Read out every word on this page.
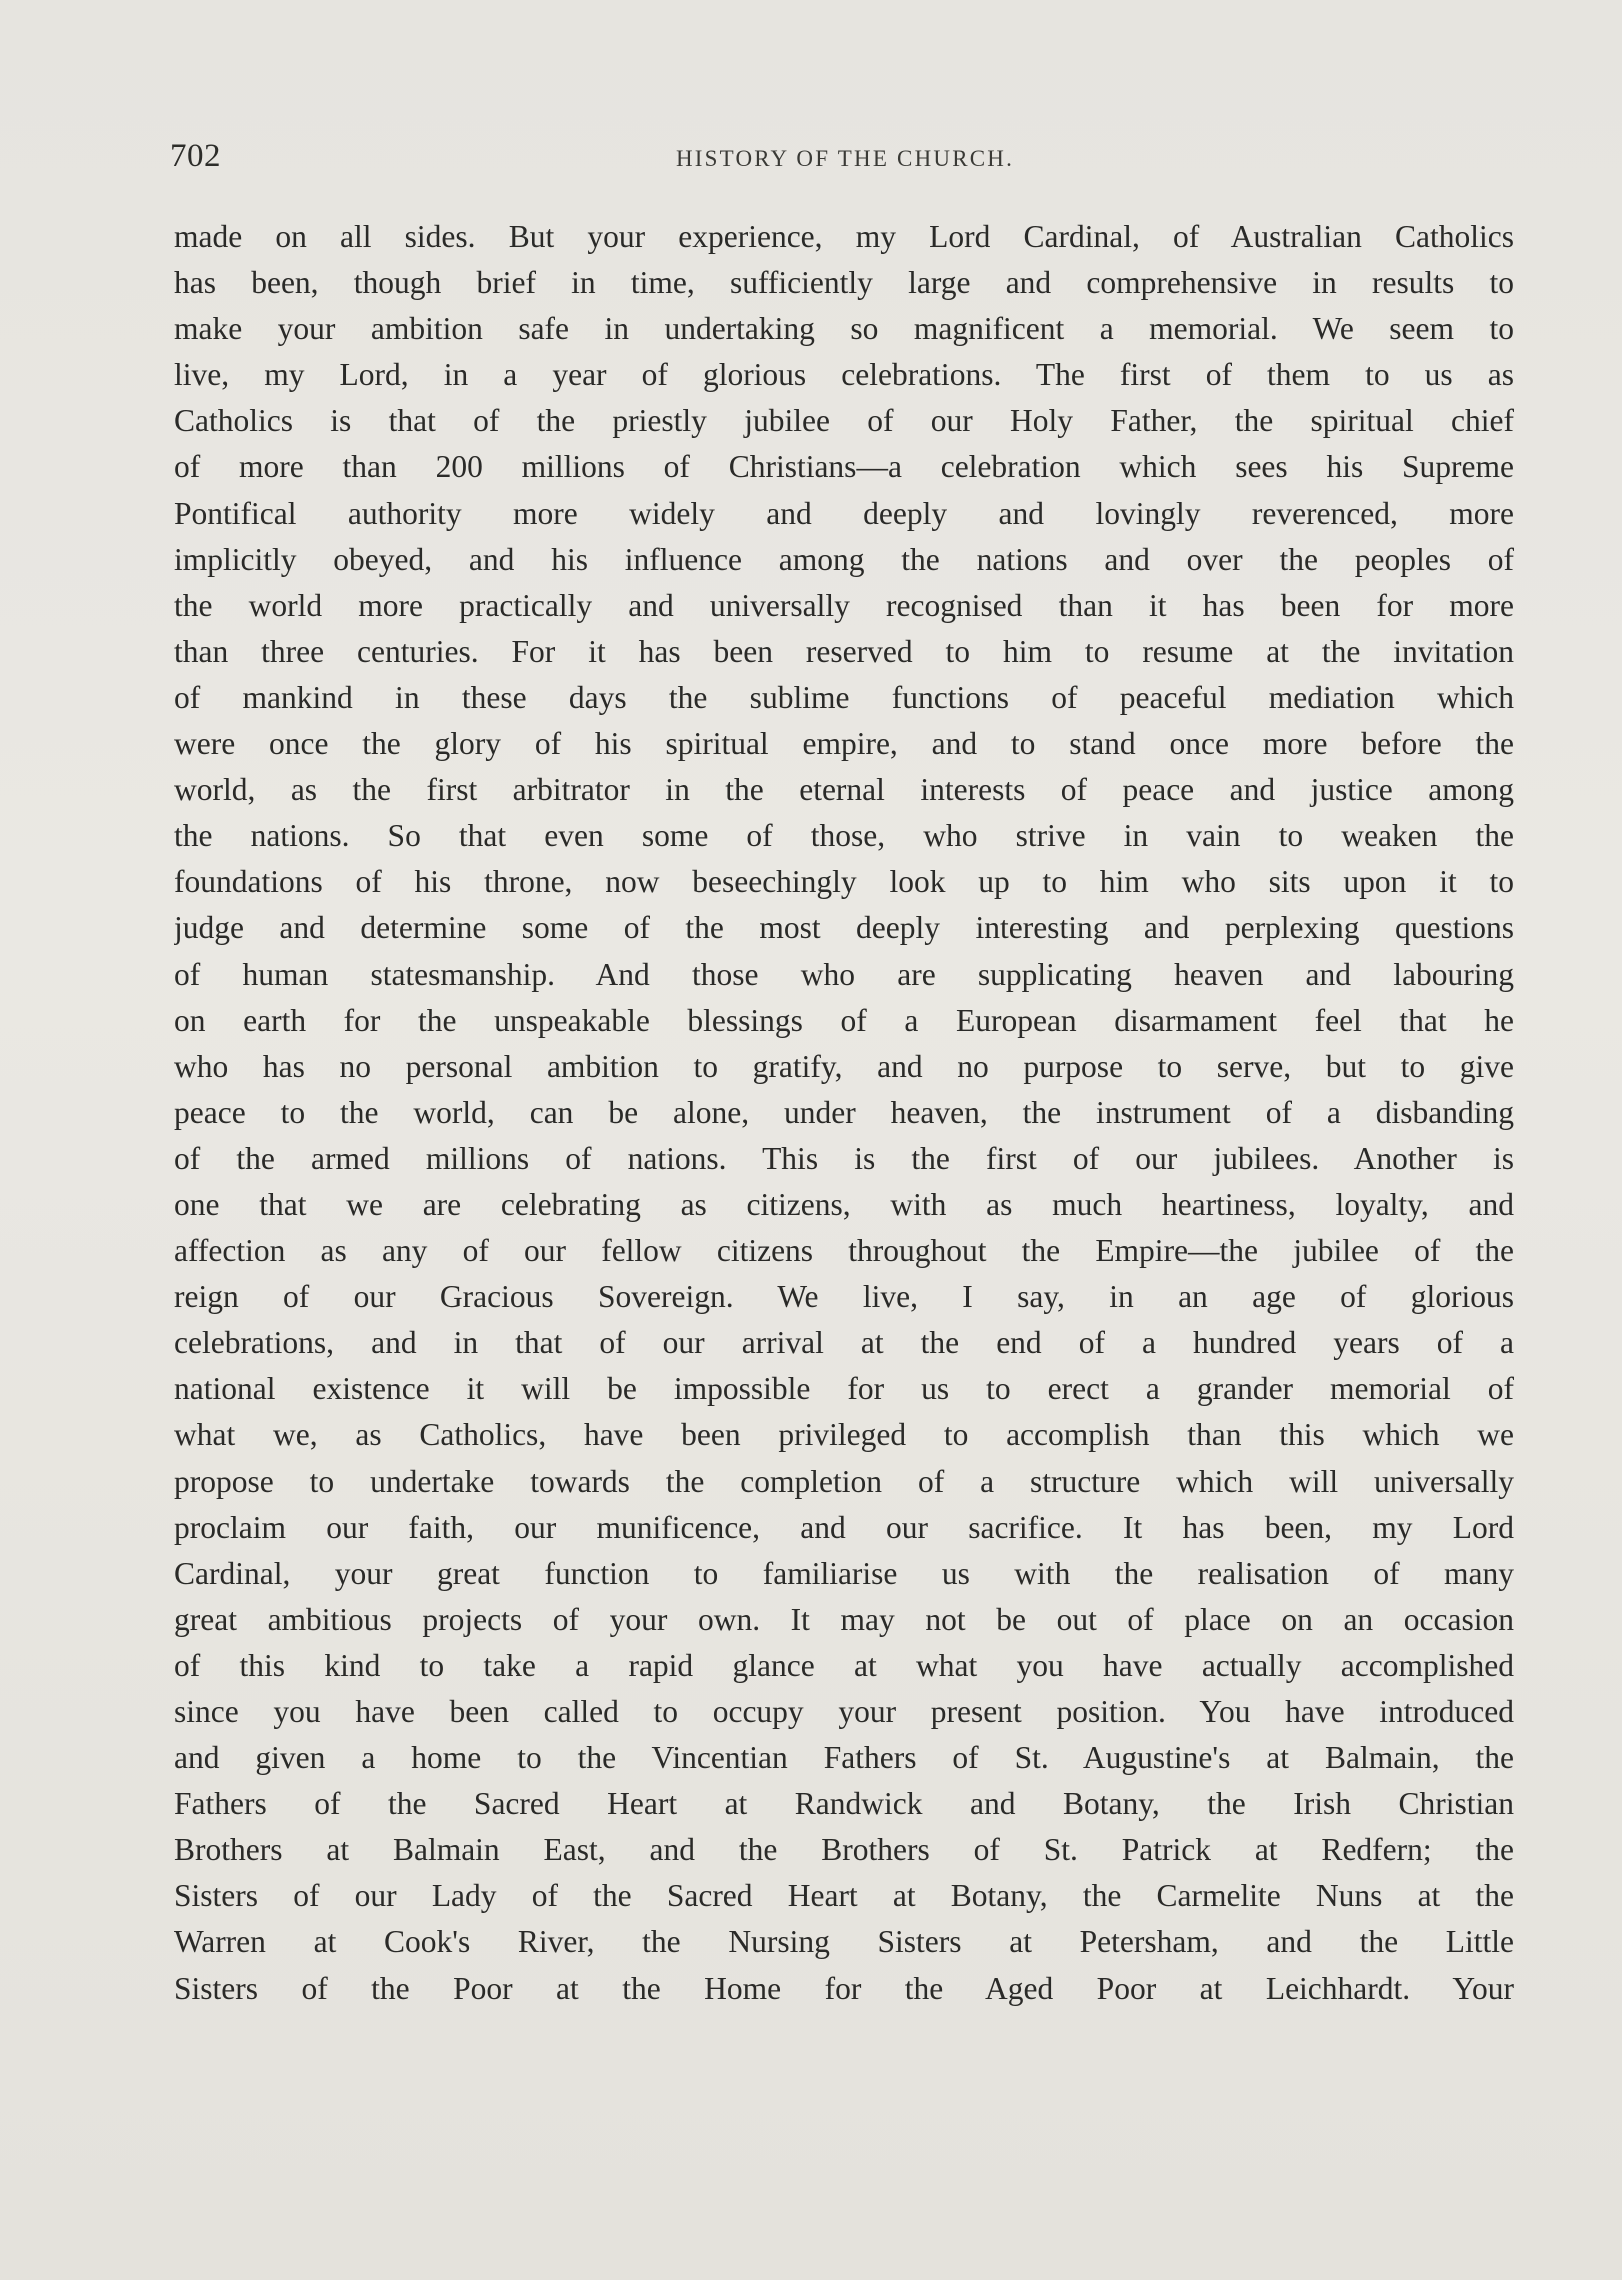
702	HISTORY OF THE CHURCH.
made on all sides. But your experience, my Lord Cardinal, of Australian Catholics
has been, though brief in time, sufficiently large and comprehensive in results to
make your ambition safe in undertaking so magnificent a memorial. We seem to
live, my Lord, in a year of glorious celebrations. The first of them to us as
Catholics is that of the priestly jubilee of our Holy Father, the spiritual chief
of more than 200 millions of Christians—a celebration which sees his Supreme
Pontifical authority more widely and deeply and lovingly reverenced, more
implicitly obeyed, and his influence among the nations and over the peoples of
the world more practically and universally recognised than it has been for more
than three centuries. For it has been reserved to him to resume at the invitation
of mankind in these days the sublime functions of peaceful mediation which
were once the glory of his spiritual empire, and to stand once more before the
world, as the first arbitrator in the eternal interests of peace and justice among
the nations. So that even some of those, who strive in vain to weaken the
foundations of his throne, now beseechingly look up to him who sits upon it to
judge and determine some of the most deeply interesting and perplexing questions
of human statesmanship. And those who are supplicating heaven and labouring
on earth for the unspeakable blessings of a European disarmament feel that he
who has no personal ambition to gratify, and no purpose to serve, but to give
peace to the world, can be alone, under heaven, the instrument of a disbanding
of the armed millions of nations. This is the first of our jubilees. Another is
one that we are celebrating as citizens, with as much heartiness, loyalty, and
affection as any of our fellow citizens throughout the Empire—the jubilee of the
reign of our Gracious Sovereign. We live, I say, in an age of glorious
celebrations, and in that of our arrival at the end of a hundred years of a
national existence it will be impossible for us to erect a grander memorial of
what we, as Catholics, have been privileged to accomplish than this which we
propose to undertake towards the completion of a structure which will universally
proclaim our faith, our munificence, and our sacrifice. It has been, my Lord
Cardinal, your great function to familiarise us with the realisation of many
great ambitious projects of your own. It may not be out of place on an occasion
of this kind to take a rapid glance at what you have actually accomplished
since you have been called to occupy your present position. You have introduced
and given a home to the Vincentian Fathers of St. Augustine's at Balmain, the
Fathers of the Sacred Heart at Randwick and Botany, the Irish Christian
Brothers at Balmain East, and the Brothers of St. Patrick at Redfern; the
Sisters of our Lady of the Sacred Heart at Botany, the Carmelite Nuns at the
Warren at Cook's River, the Nursing Sisters at Petersham, and the Little
Sisters of the Poor at the Home for the Aged Poor at Leichhardt. Your
